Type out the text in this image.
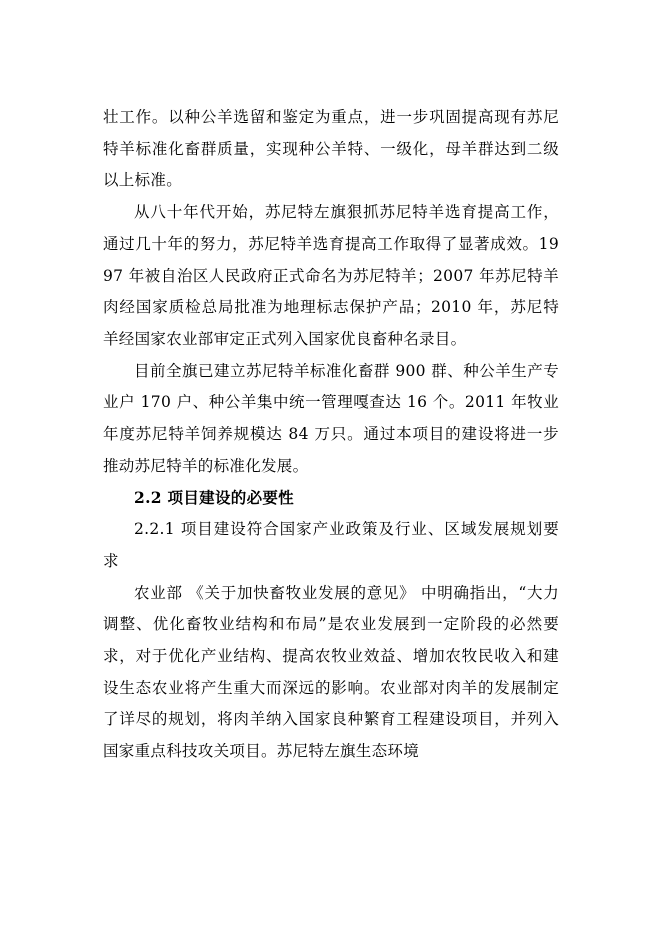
壮工作。以种公羊选留和鉴定为重点，进一步巩固提高现有苏尼特羊标准化畜群质量，实现种公羊特、一级化，母羊群达到二级以上标准。

从八十年代开始，苏尼特左旗狠抓苏尼特羊选育提高工作，通过几十年的努力，苏尼特羊选育提高工作取得了显著成效。1997 年被自治区人民政府正式命名为苏尼特羊；2007 年苏尼特羊肉经国家质检总局批准为地理标志保护产品；2010 年，苏尼特羊经国家农业部审定正式列入国家优良畜种名录目。

目前全旗已建立苏尼特羊标准化畜群 900 群、种公羊生产专业户 170 户、种公羊集中统一管理嘎查达 16 个。2011 年牧业年度苏尼特羊饲养规模达 84 万只。通过本项目的建设将进一步推动苏尼特羊的标准化发展。

2.2 项目建设的必要性

2.2.1 项目建设符合国家产业政策及行业、区域发展规划要求

农业部 《关于加快畜牧业发展的意见》 中明确指出，“大力调整、优化畜牧业结构和布局”是农业发展到一定阶段的必然要求，对于优化产业结构、提高农牧业效益、增加农牧民收入和建设生态农业将产生重大而深远的影响。农业部对肉羊的发展制定了详尽的规划，将肉羊纳入国家良种繁育工程建设项目，并列入国家重点科技攻关项目。苏尼特左旗生态环境
